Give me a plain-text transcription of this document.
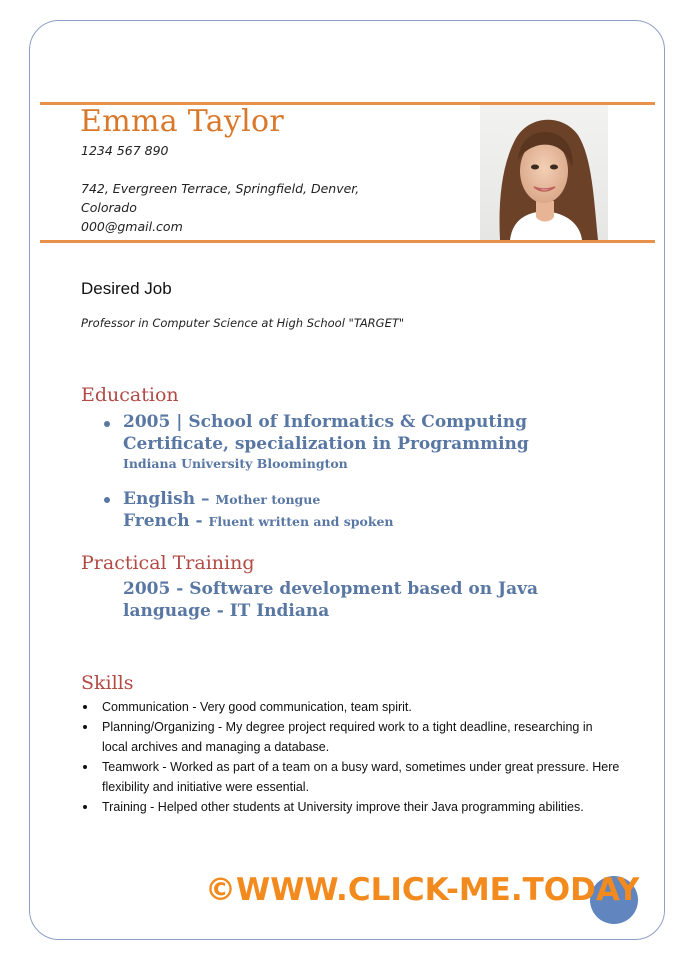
Emma Taylor

1234 567 890

742, Evergreen Terrace, Springfield, Denver,

Colorado

000@gmail.com

Desired Job

Professor in Computer Science at High School "TARGET"

Education

2005 | School of Informatics & Computing

Certificate, specialization in Programming

Indiana University Bloomington

English – Mother tongue

French - Fluent written and spoken

Practical Training

2005 - Software development based on Java

language - IT Indiana

Skills
Communication - Very good communication, team spirit.
Planning/Organizing - My degree project required work to a tight deadline, researching in local archives and managing a database.
Teamwork - Worked as part of a team on a busy ward, sometimes under great pressure. Here flexibility and initiative were essential.
Training - Helped other students at University improve their Java programming abilities.

©WWW.CLICK-ME.TODAY
